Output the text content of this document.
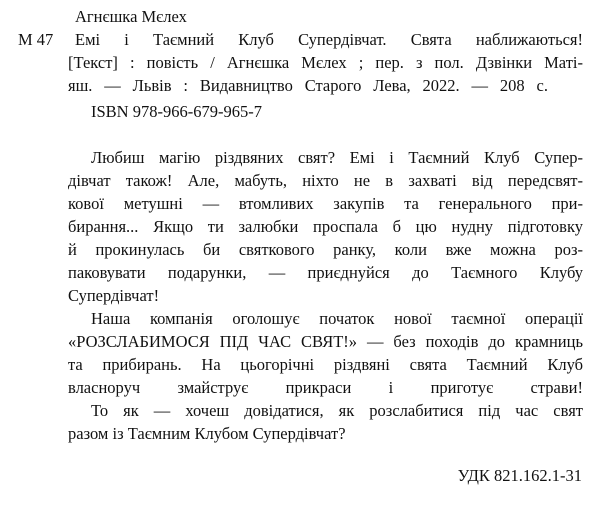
Агнєшка Мєлех
М 47 Емі і Таємний Клуб Супердівчат. Свята наближаються!
[Текст] : повість / Агнєшка Мєлех ; пер. з пол. Дзвінки Маті-
яш. — Львів : Видавництво Старого Лева, 2022. — 208 с.
ISBN 978-966-679-965-7
Любиш магію різдвяних свят? Емі і Таємний Клуб Супер-
дівчат також! Але, мабуть, ніхто не в захваті від передсвят-
кової метушні — втомливих закупів та генерального при-
бирання... Якщо ти залюбки проспала б цю нудну підготовку
й прокинулась би святкового ранку, коли вже можна роз-
паковувати подарунки, — приєднуйся до Таємного Клубу
Супердівчат!
Наша компанія оголошує початок нової таємної операції
«РОЗСЛАБИМОСЯ ПІД ЧАС СВЯТ!» — без походів до крамниць
та прибирань. На цьогорічні різдвяні свята Таємний Клуб
власноруч змайструє прикраси і приготує страви!
То як — хочеш довідатися, як розслабитися під час свят
разом із Таємним Клубом Супердівчат?
УДК 821.162.1-31
